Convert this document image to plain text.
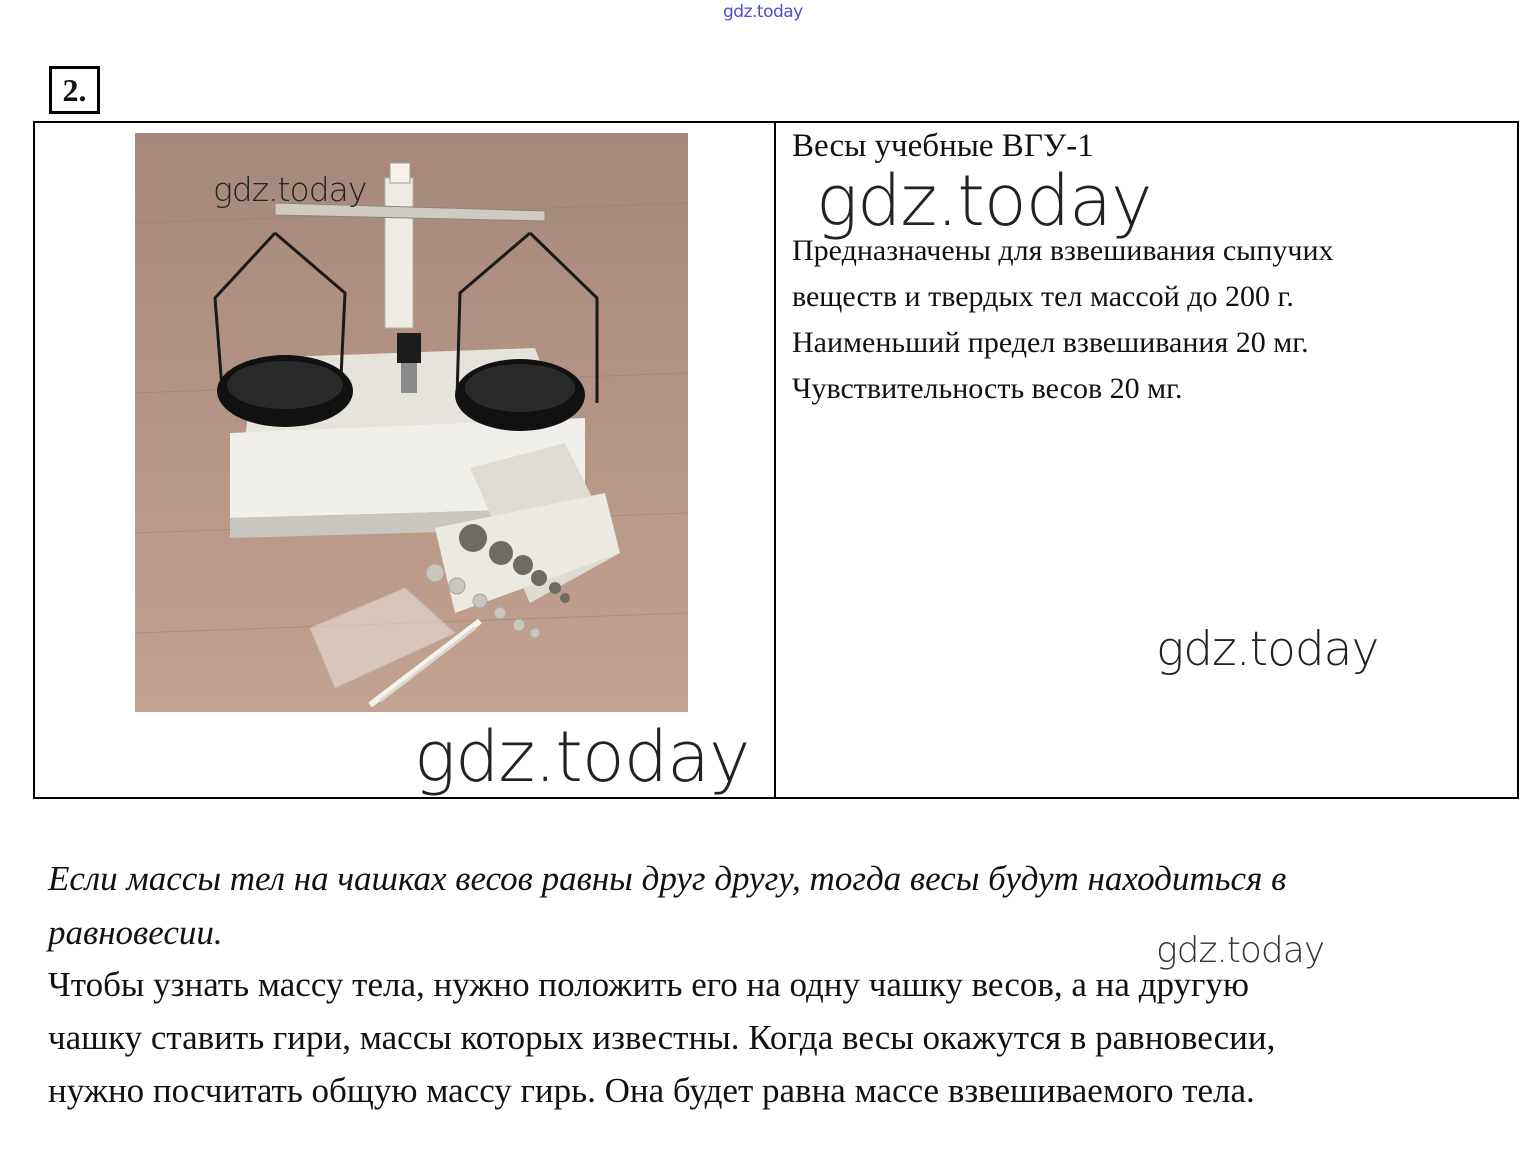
gdz.today
2.
gdz.today
Весы учебные ВГУ-1
gdz.today
Предназначены для взвешивания сыпучих
веществ и твердых тел массой до 200 г.
Наименьший предел взвешивания 20 мг.
Чувствительность весов 20 мг.
gdz.today
gdz.today
Если массы тел на чашках весов равны друг другу, тогда весы будут находиться в
равновесии.	gdz.today
Чтобы узнать массу тела, нужно положить его на одну чашку весов, а на другую
чашку ставить гири, массы которых известны. Когда весы окажутся в равновесии,
нужно посчитать общую массу гирь. Она будет равна массе взвешиваемого тела.
